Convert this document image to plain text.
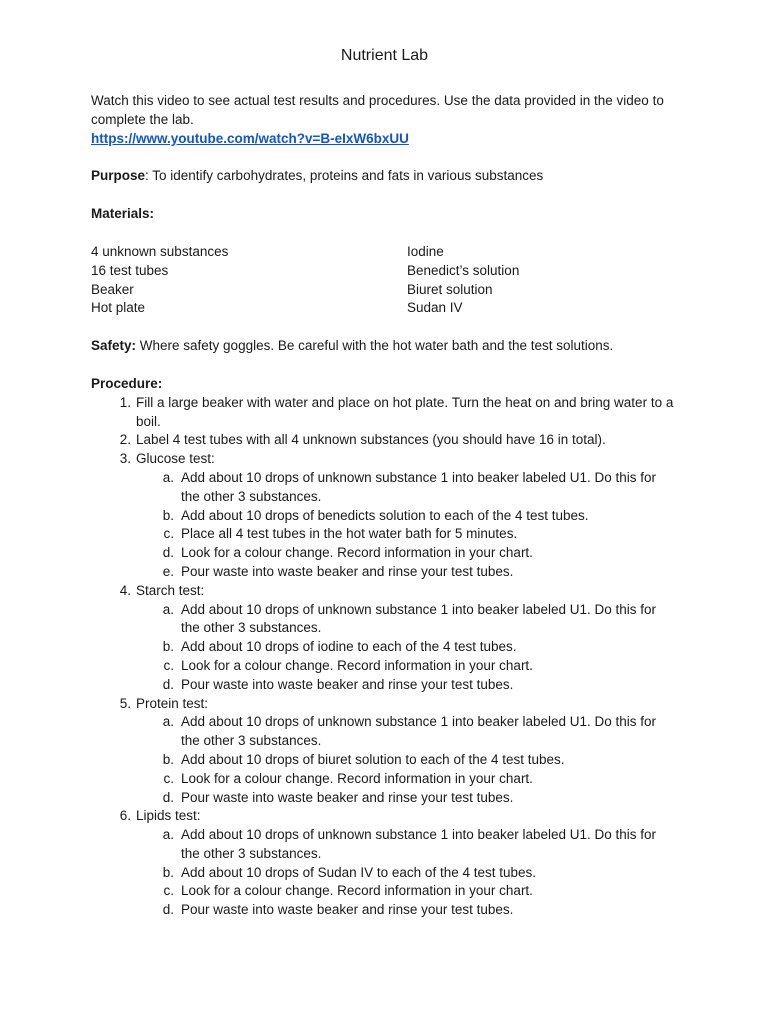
Nutrient Lab

Watch this video to see actual test results and procedures. Use the data provided in the video to complete the lab.

https://www.youtube.com/watch?v=B-eIxW6bxUU

Purpose: To identify carbohydrates, proteins and fats in various substances

Materials:

4 unknown substances	Iodine
16 test tubes	Benedict’s solution
Beaker	Biuret solution
Hot plate	Sudan IV

Safety: Where safety goggles. Be careful with the hot water bath and the test solutions.

Procedure:

1. Fill a large beaker with water and place on hot plate. Turn the heat on and bring water to a boil.
2. Label 4 test tubes with all 4 unknown substances (you should have 16 in total).
3. Glucose test:
a. Add about 10 drops of unknown substance 1 into beaker labeled U1. Do this for the other 3 substances.
b. Add about 10 drops of benedicts solution to each of the 4 test tubes.
c. Place all 4 test tubes in the hot water bath for 5 minutes.
d. Look for a colour change. Record information in your chart.
e. Pour waste into waste beaker and rinse your test tubes.
4. Starch test:
a. Add about 10 drops of unknown substance 1 into beaker labeled U1. Do this for the other 3 substances.
b. Add about 10 drops of iodine to each of the 4 test tubes.
c. Look for a colour change. Record information in your chart.
d. Pour waste into waste beaker and rinse your test tubes.
5. Protein test:
a. Add about 10 drops of unknown substance 1 into beaker labeled U1. Do this for the other 3 substances.
b. Add about 10 drops of biuret solution to each of the 4 test tubes.
c. Look for a colour change. Record information in your chart.
d. Pour waste into waste beaker and rinse your test tubes.
6. Lipids test:
a. Add about 10 drops of unknown substance 1 into beaker labeled U1. Do this for the other 3 substances.
b. Add about 10 drops of Sudan IV to each of the 4 test tubes.
c. Look for a colour change. Record information in your chart.
d. Pour waste into waste beaker and rinse your test tubes.
